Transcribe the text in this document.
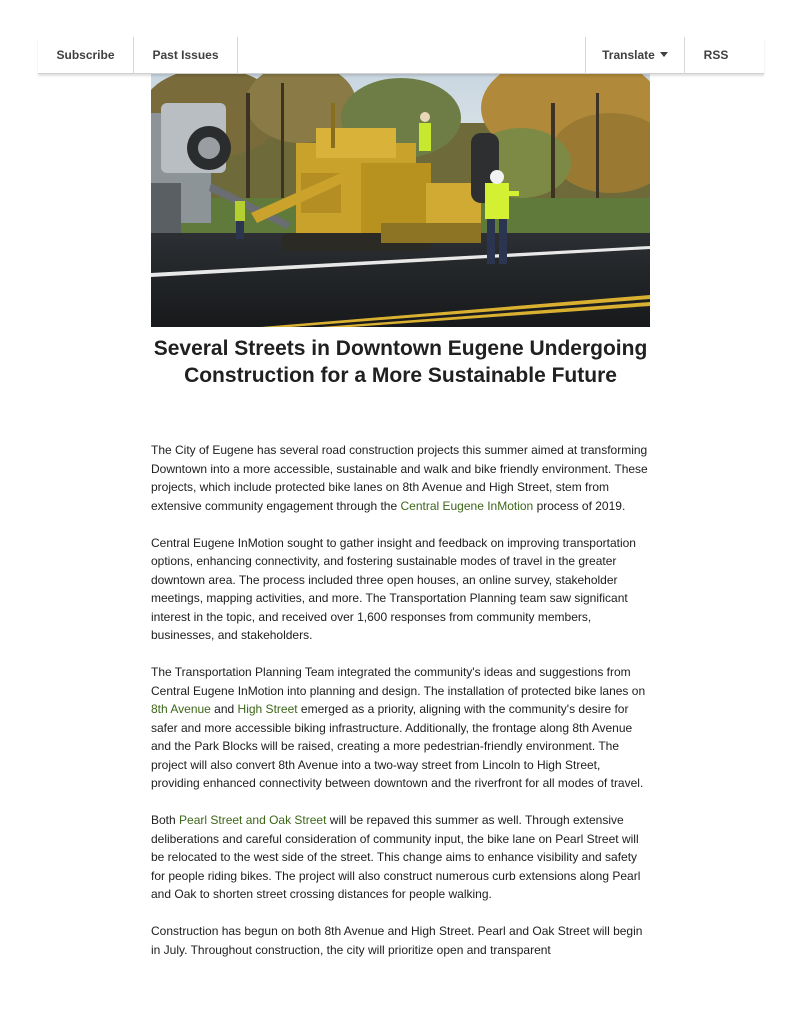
Subscribe	Past Issues	Translate	RSS
Several Streets in Downtown Eugene Undergoing Construction for a More Sustainable Future

The City of Eugene has several road construction projects this summer aimed at transforming Downtown into a more accessible, sustainable and walk and bike friendly environment. These projects, which include protected bike lanes on 8th Avenue and High Street, stem from extensive community engagement through the Central Eugene InMotion process of 2019.

Central Eugene InMotion sought to gather insight and feedback on improving transportation options, enhancing connectivity, and fostering sustainable modes of travel in the greater downtown area. The process included three open houses, an online survey, stakeholder meetings, mapping activities, and more. The Transportation Planning team saw significant interest in the topic, and received over 1,600 responses from community members, businesses, and stakeholders.

The Transportation Planning Team integrated the community's ideas and suggestions from Central Eugene InMotion into planning and design. The installation of protected bike lanes on 8th Avenue and High Street emerged as a priority, aligning with the community's desire for safer and more accessible biking infrastructure. Additionally, the frontage along 8th Avenue and the Park Blocks will be raised, creating a more pedestrian-friendly environment. The project will also convert 8th Avenue into a two-way street from Lincoln to High Street, providing enhanced connectivity between downtown and the riverfront for all modes of travel.

Both Pearl Street and Oak Street will be repaved this summer as well. Through extensive deliberations and careful consideration of community input, the bike lane on Pearl Street will be relocated to the west side of the street. This change aims to enhance visibility and safety for people riding bikes. The project will also construct numerous curb extensions along Pearl and Oak to shorten street crossing distances for people walking.

Construction has begun on both 8th Avenue and High Street. Pearl and Oak Street will begin in July. Throughout construction, the city will prioritize open and transparent
